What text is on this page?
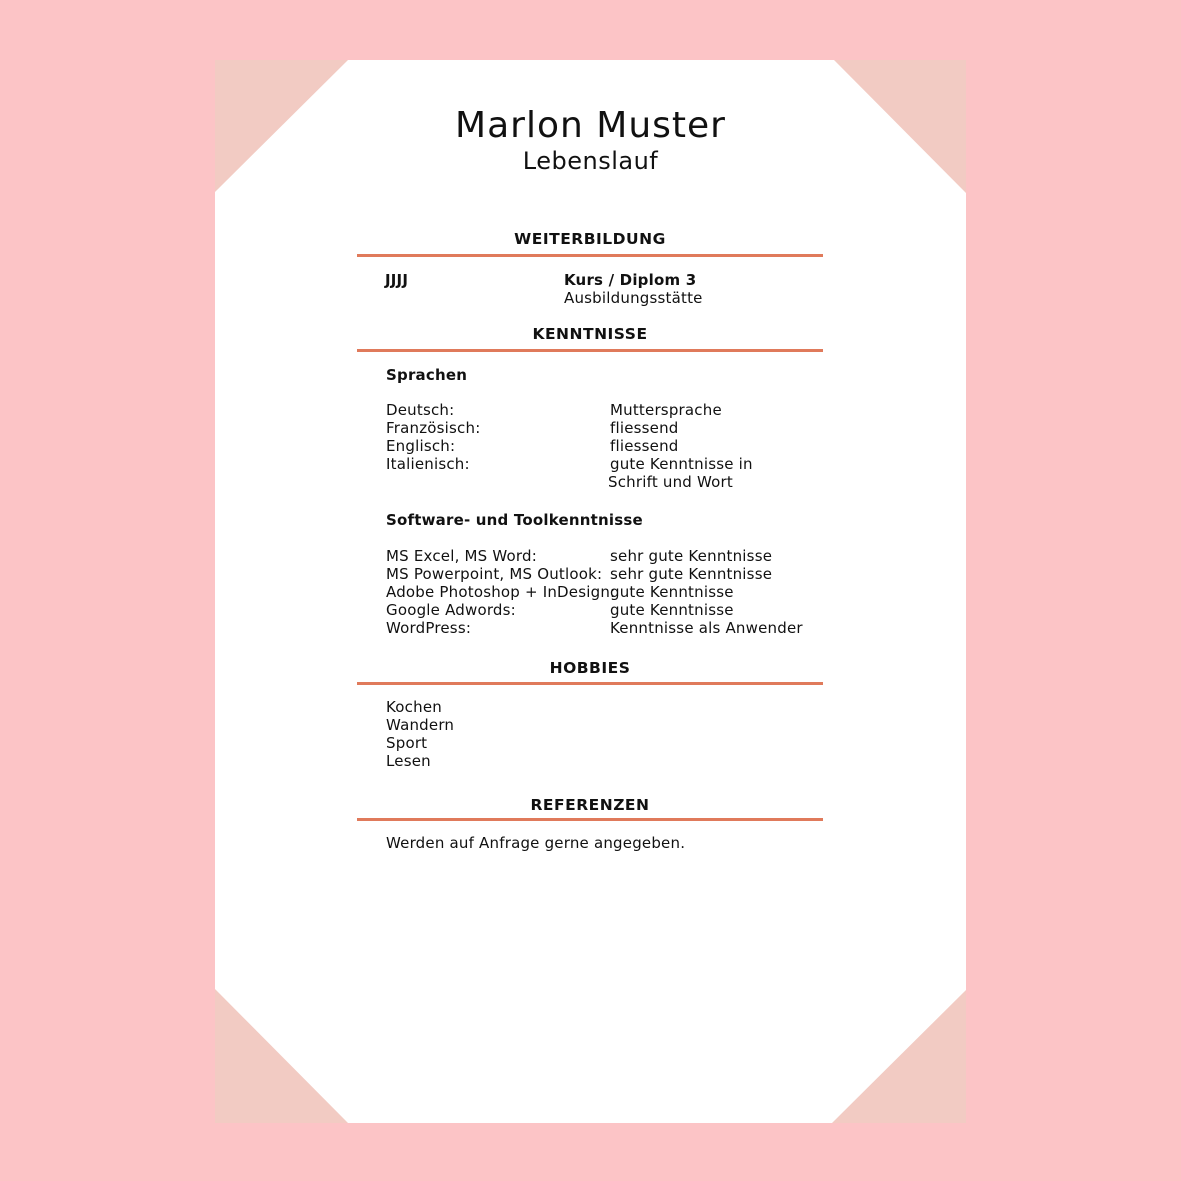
Marlon Muster
Lebenslauf
WEITERBILDUNG
JJJJ	Kurs / Diplom 3
Ausbildungsstätte
KENNTNISSE
Sprachen
Deutsch:
Französisch:
Englisch:
Italienisch:
Muttersprache
fliessend
fliessend
gute Kenntnisse in
Schrift und Wort
Software- und Toolkenntnisse
MS Excel, MS Word:
MS Powerpoint, MS Outlook:
Adobe Photoshop + InDesign:
Google Adwords:
WordPress:
sehr gute Kenntnisse
sehr gute Kenntnisse
gute Kenntnisse
gute Kenntnisse
Kenntnisse als Anwender
HOBBIES
Kochen
Wandern
Sport
Lesen
REFERENZEN
Werden auf Anfrage gerne angegeben.
